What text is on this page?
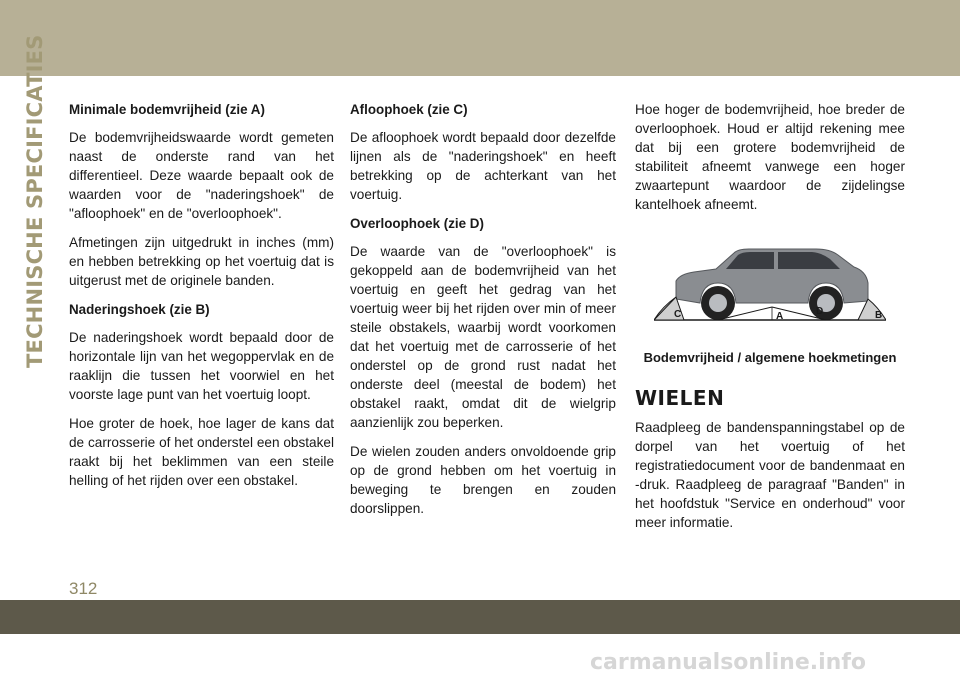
TECHNISCHE SPECIFICATIES Minimale bodemvrijheid (zie A)

De bodemvrijheidswaarde wordt gemeten naast de onderste rand van het differentieel. Deze waarde bepaalt ook de waarden voor de "naderingshoek" de "afloophoek" en de "overloophoek".

Afmetingen zijn uitgedrukt in inches (mm) en hebben betrekking op het voertuig dat is uitgerust met de originele banden.

Naderingshoek (zie B)

De naderingshoek wordt bepaald door de horizontale lijn van het wegoppervlak en de raaklijn die tussen het voorwiel en het voorste lage punt van het voertuig loopt.

Hoe groter de hoek, hoe lager de kans dat de carrosserie of het onderstel een obstakel raakt bij het beklimmen van een steile helling of het rijden over een obstakel.

Afloophoek (zie C)

De afloophoek wordt bepaald door dezelfde lijnen als de "naderingshoek" en heeft betrekking op de achterkant van het voertuig.

Overloophoek (zie D)

De waarde van de "overloophoek" is gekoppeld aan de bodemvrijheid van het voertuig en geeft het gedrag van het voertuig weer bij het rijden over min of meer steile obstakels, waarbij wordt voorkomen dat het voertuig met de carrosserie of het onderstel op de grond rust nadat het onderste deel (meestal de bodem) het obstakel raakt, omdat dit de wielgrip aanzienlijk zou beperken.

De wielen zouden anders onvoldoende grip op de grond hebben om het voertuig in beweging te brengen en zouden doorslippen.

Hoe hoger de bodemvrijheid, hoe breder de overloophoek. Houd er altijd rekening mee dat bij een grotere bodemvrijheid de stabiliteit afneemt vanwege een hoger zwaartepunt waardoor de zijdelingse kantelhoek afneemt.

C	A	D	B
Bodemvrijheid / algemene hoekmetingen
WIELEN

Raadpleeg de bandenspanningstabel op de dorpel van het voertuig of het registratiedocument voor de bandenmaat en -druk. Raadpleeg de paragraaf "Banden" in het hoofdstuk "Service en onderhoud" voor meer informatie.

312
carmanualsonline.info
